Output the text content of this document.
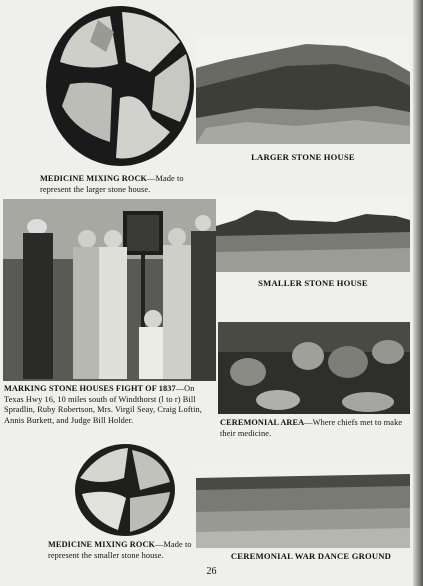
MEDICINE MIXING ROCK—Made to represent the larger stone house.
LARGER STONE HOUSE
SMALLER STONE HOUSE
MARKING STONE HOUSES FIGHT OF 1837—On Texas Hwy 16, 10 miles south of Windthorst (l to r) Bill Spradlin, Ruby Robertson, Mrs. Virgil Seay, Craig Loftin, Annis Burkett, and Judge Bill Holder.	CEREMONIAL AREA—Where chiefs met to make their medicine.
MEDICINE MIXING ROCK—Made to represent the smaller stone house.	CEREMONIAL WAR DANCE GROUND
26
